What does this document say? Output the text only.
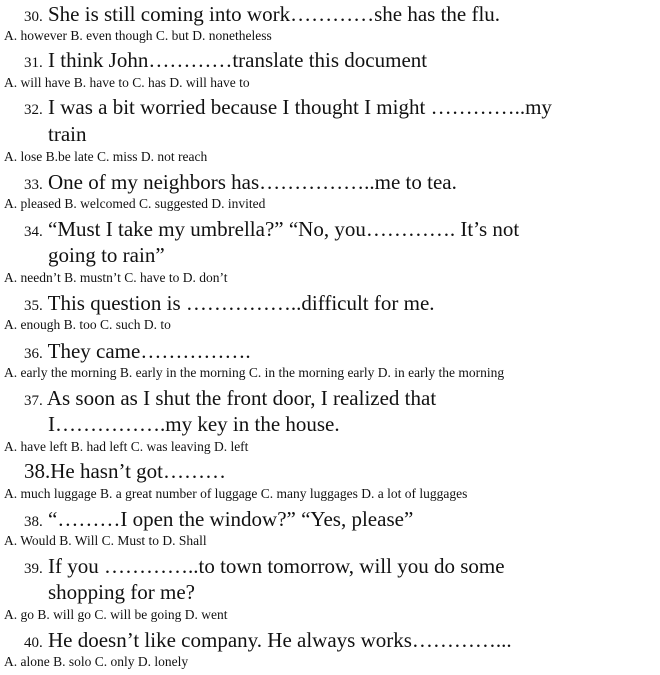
30. She is still coming into work…………she has the flu.
A. however B. even though C. but D. nonetheless
31. I think John…………translate this document
A. will have B. have to C. has D. will have to
32. I was a bit worried because I thought I might …………..my
train
A. lose B.be late C. miss D. not reach
33. One of my neighbors has……………..me to tea.
A. pleased B. welcomed C. suggested D. invited
34. “Must I take my umbrella?” “No, you…………. It’s not
going to rain”
A. needn’t B. mustn’t C. have to D. don’t
35. This question is ……………..difficult for me.
A. enough B. too C. such D. to
36. They came…………….
A. early the morning B. early in the morning C. in the morning early D. in early the morning
37. As soon as I shut the front door, I realized that
I…………….my key in the house.
A. have left B. had left C. was leaving D. left
38.He hasn’t got………
A. much luggage B. a great number of luggage C. many luggages D. a lot of luggages
38. “………I open the window?” “Yes, please”
A. Would B. Will C. Must to D. Shall
39. If you …………..to town tomorrow, will you do some
shopping for me?
A. go B. will go C. will be going D. went
40. He doesn’t like company. He always works…………...
A. alone B. solo C. only D. lonely
